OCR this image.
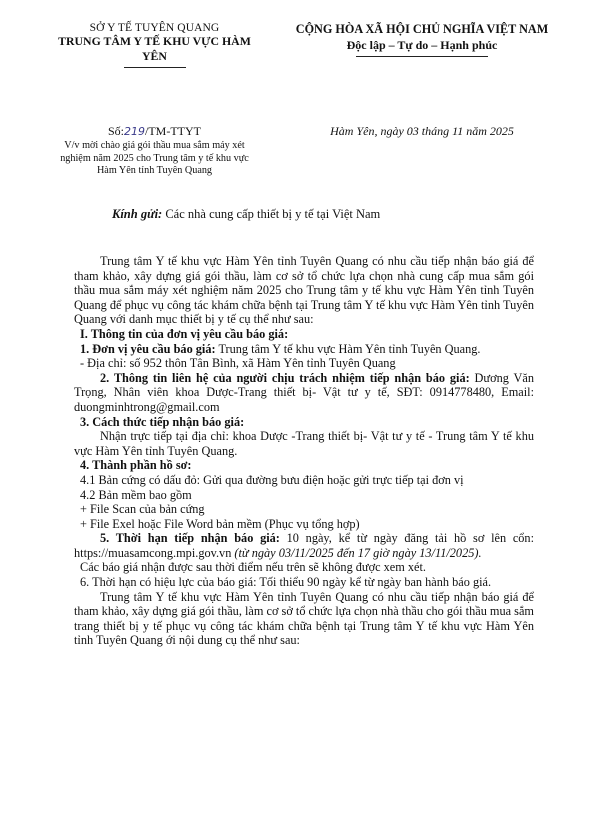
SỞ Y TẾ TUYÊN QUANG
TRUNG TÂM Y TẾ KHU VỰC HÀM YÊN
CỘNG HÒA XÃ HỘI CHỦ NGHĨA VIỆT NAM
Độc lập – Tự do – Hạnh phúc
Số:219/TM-TTYT
V/v mời chào giá gói thầu mua sắm máy xét nghiệm năm 2025 cho Trung tâm y tế khu vực Hàm Yên tỉnh Tuyên Quang
Hàm Yên, ngày 03 tháng 11 năm 2025
Kính gửi: Các nhà cung cấp thiết bị y tế tại Việt Nam

Trung tâm Y tế khu vực Hàm Yên tỉnh Tuyên Quang có nhu cầu tiếp nhận báo giá để tham khảo, xây dựng giá gói thầu, làm cơ sở tổ chức lựa chọn nhà cung cấp mua sắm gói thầu mua sắm máy xét nghiệm năm 2025 cho Trung tâm y tế khu vực Hàm Yên tỉnh Tuyên Quang để phục vụ công tác khám chữa bệnh tại Trung tâm Y tế khu vực Hàm Yên tỉnh Tuyên Quang với danh mục thiết bị y tế cụ thể như sau:

I. Thông tin của đơn vị yêu cầu báo giá:

1. Đơn vị yêu cầu báo giá: Trung tâm Y tế khu vực Hàm Yên tỉnh Tuyên Quang.

- Địa chỉ: số 952 thôn Tân Bình, xã Hàm Yên tỉnh Tuyên Quang

2. Thông tin liên hệ của người chịu trách nhiệm tiếp nhận báo giá: Dương Văn Trọng, Nhân viên khoa Dược-Trang thiết bị- Vật tư y tế, SĐT: 0914778480, Email: duongminhtrong@gmail.com

3. Cách thức tiếp nhận báo giá:

Nhận trực tiếp tại địa chỉ: khoa Dược -Trang thiết bị- Vật tư y tế - Trung tâm Y tế khu vực Hàm Yên tỉnh Tuyên Quang.

4. Thành phần hồ sơ:

4.1 Bản cứng có dấu đỏ: Gửi qua đường bưu điện hoặc gửi trực tiếp tại đơn vị

4.2 Bản mềm bao gồm

+ File Scan của bản cứng

+ File Exel hoặc File Word bản mềm (Phục vụ tổng hợp)

5. Thời hạn tiếp nhận báo giá: 10 ngày, kể từ ngày đăng tải hồ sơ lên cổn: https://muasamcong.mpi.gov.vn (từ ngày 03/11/2025 đến 17 giờ ngày 13/11/2025).

Các báo giá nhận được sau thời điểm nếu trên sẽ không được xem xét.

6. Thời hạn có hiệu lực của báo giá: Tối thiểu 90 ngày kể từ ngày ban hành báo giá.

Trung tâm Y tế khu vực Hàm Yên tỉnh Tuyên Quang có nhu cầu tiếp nhận báo giá để tham khảo, xây dựng giá gói thầu, làm cơ sở tổ chức lựa chọn nhà thầu cho gói thầu mua sắm trang thiết bị y tế phục vụ công tác khám chữa bệnh tại Trung tâm Y tế khu vực Hàm Yên tỉnh Tuyên Quang ới nội dung cụ thể như sau:
